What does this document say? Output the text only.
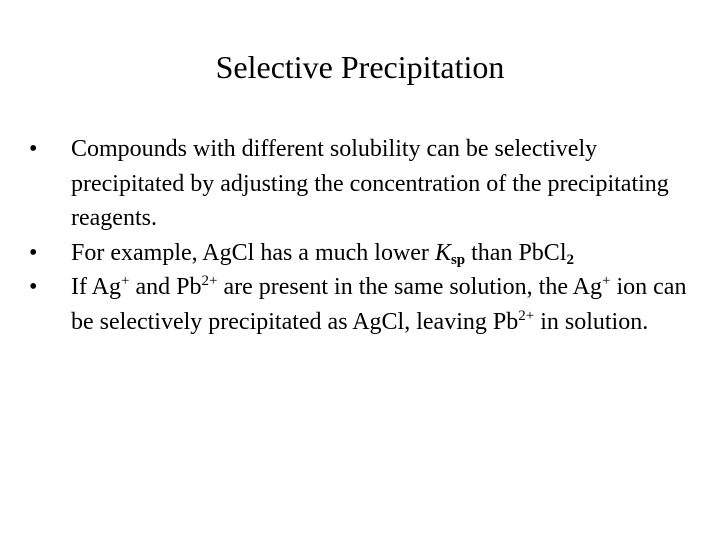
Selective Precipitation
•	Compounds with different solubility can be selectively precipitated by adjusting the concentration of the precipitating reagents.
•	For example, AgCl has a much lower $K_{sp}$ than PbCl$_2$
•	If Ag+ and $Pb^{2+}$ are present in the same solution, the Ag+ ion can be selectively precipitated as AgCl, leaving $Pb^{2+}$ in solution.
